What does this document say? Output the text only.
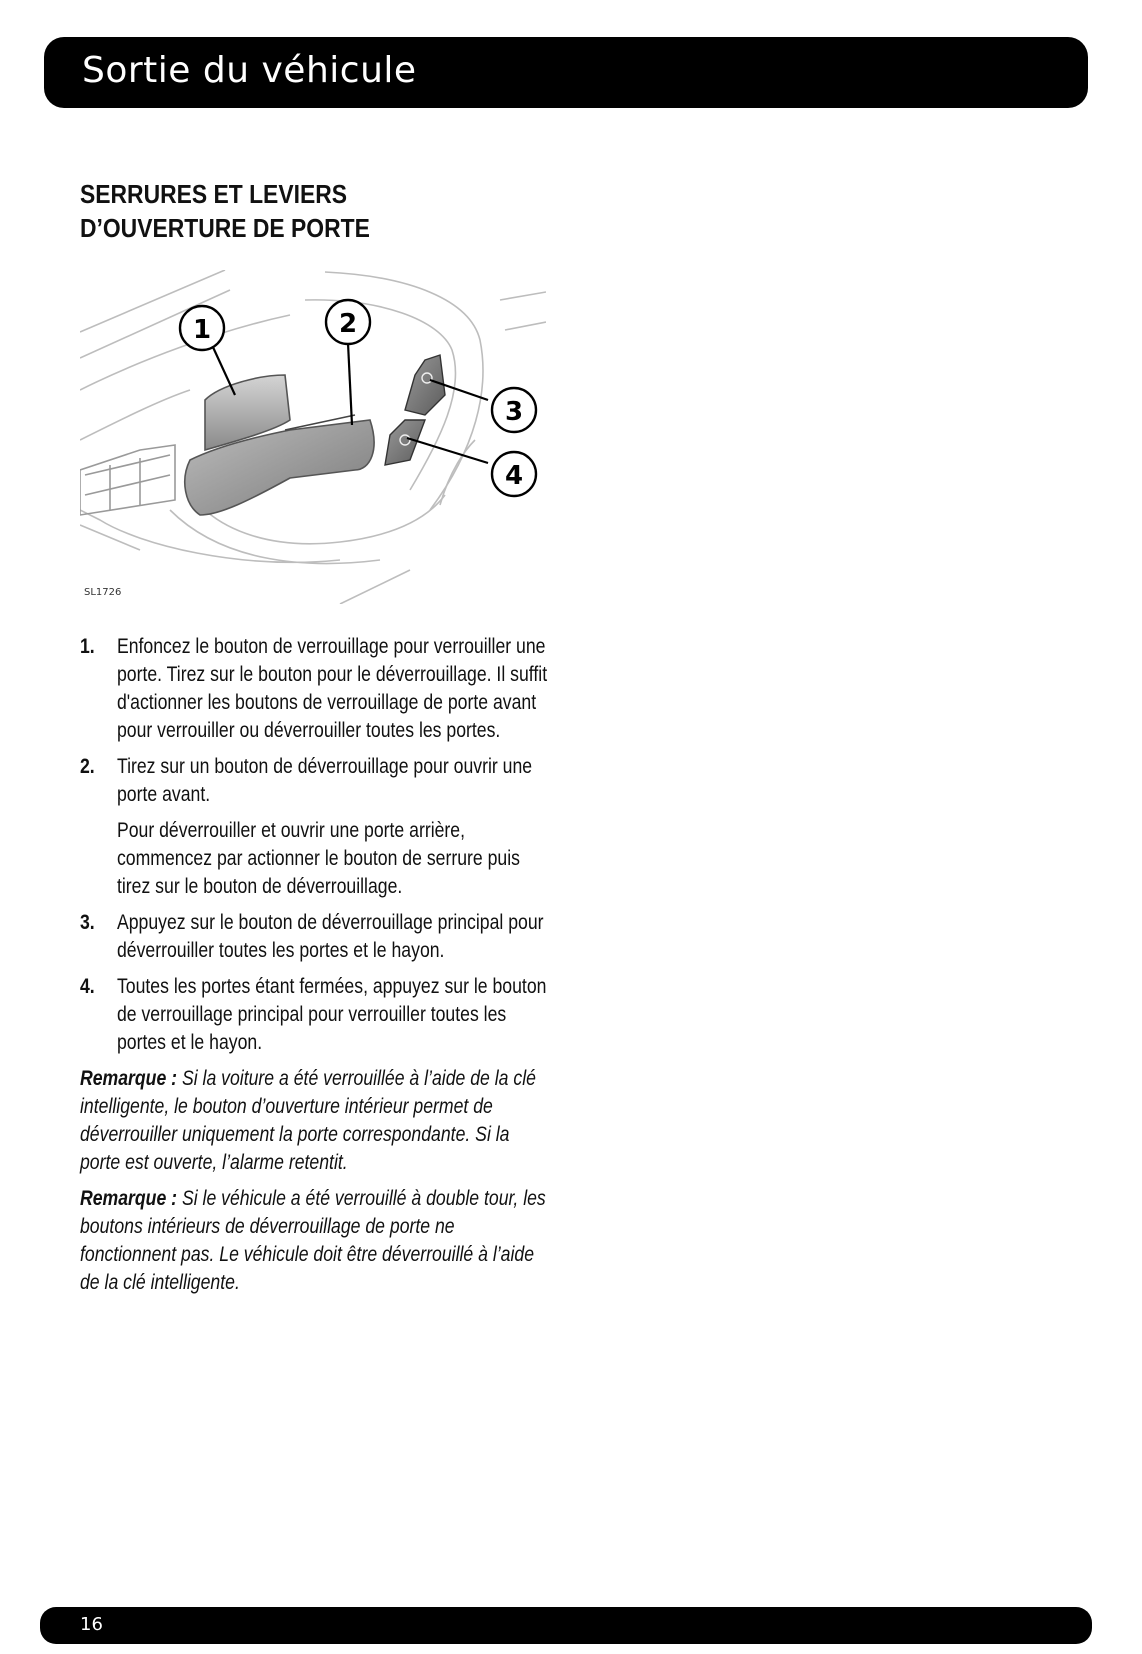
Sortie du véhicule
SERRURES ET LEVIERS D’OUVERTURE DE PORTE
1	2
3
4
SL1726
1. Enfoncez le bouton de verrouillage pour verrouiller une porte. Tirez sur le bouton pour le déverrouillage. Il suffit d'actionner les boutons de verrouillage de porte avant pour verrouiller ou déverrouiller toutes les portes.
2. Tirez sur un bouton de déverrouillage pour ouvrir une porte avant.
Pour déverrouiller et ouvrir une porte arrière, commencez par actionner le bouton de serrure puis tirez sur le bouton de déverrouillage.
3. Appuyez sur le bouton de déverrouillage principal pour déverrouiller toutes les portes et le hayon.
4. Toutes les portes étant fermées, appuyez sur le bouton de verrouillage principal pour verrouiller toutes les portes et le hayon.
Remarque : Si la voiture a été verrouillée à l’aide de la clé intelligente, le bouton d’ouverture intérieur permet de déverrouiller uniquement la porte correspondante. Si la porte est ouverte, l’alarme retentit.
Remarque : Si le véhicule a été verrouillé à double tour, les boutons intérieurs de déverrouillage de porte ne fonctionnent pas. Le véhicule doit être déverrouillé à l’aide de la clé intelligente.
16
